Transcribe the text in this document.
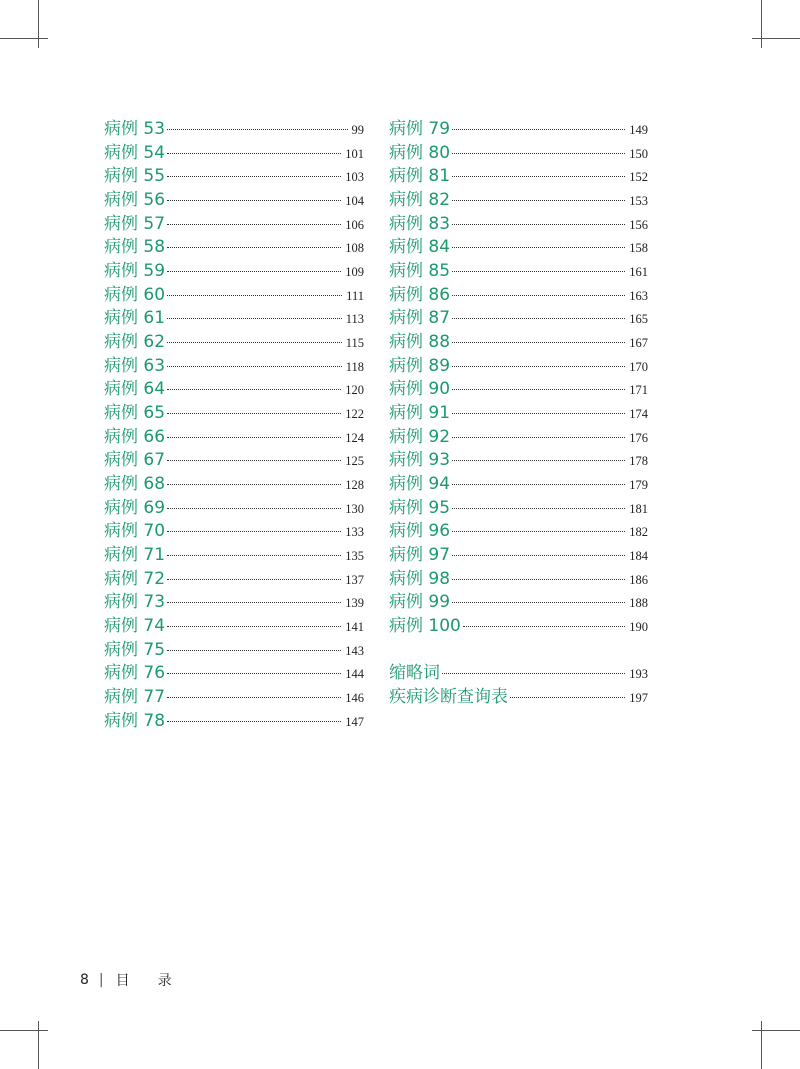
病例 53	99
病例 54	101
病例 55	103
病例 56	104
病例 57	106
病例 58	108
病例 59	109
病例 60	111
病例 61	113
病例 62	115
病例 63	118
病例 64	120
病例 65	122
病例 66	124
病例 67	125
病例 68	128
病例 69	130
病例 70	133
病例 71	135
病例 72	137
病例 73	139
病例 74	141
病例 75	143
病例 76	144
病例 77	146
病例 78	147
病例 79	149
病例 80	150
病例 81	152
病例 82	153
病例 83	156
病例 84	158
病例 85	161
病例 86	163
病例 87	165
病例 88	167
病例 89	170
病例 90	171
病例 91	174
病例 92	176
病例 93	178
病例 94	179
病例 95	181
病例 96	182
病例 97	184
病例 98	186
病例 99	188
病例 100	190
缩略词	193
疾病诊断查询表	197
8 | 目 录
